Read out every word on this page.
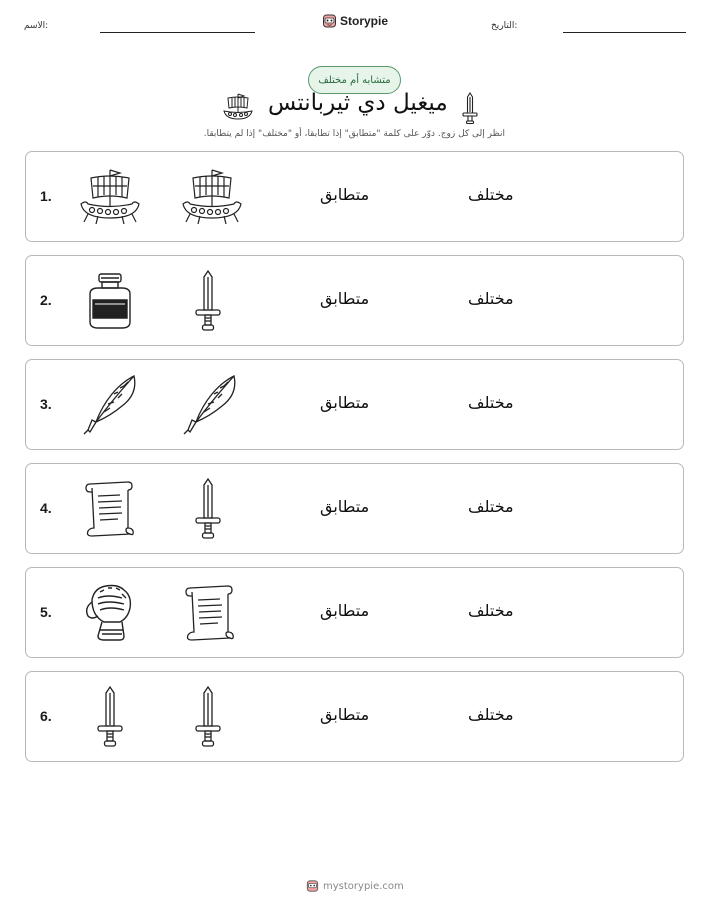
الاسم:	Storypie	التاريخ:
متشابه أم مختلف
ميغيل دي ثيربانتس
انظر إلى كل زوج. دوّر على كلمة "متطابق" إذا تطابقا، أو "مختلف" إذا لم يتطابقا.
1.	متطابق	مختلف
2.	متطابق	مختلف
3.	متطابق	مختلف
4.	متطابق	مختلف
5.	متطابق	مختلف
6.	متطابق	مختلف
mystorypie.com
